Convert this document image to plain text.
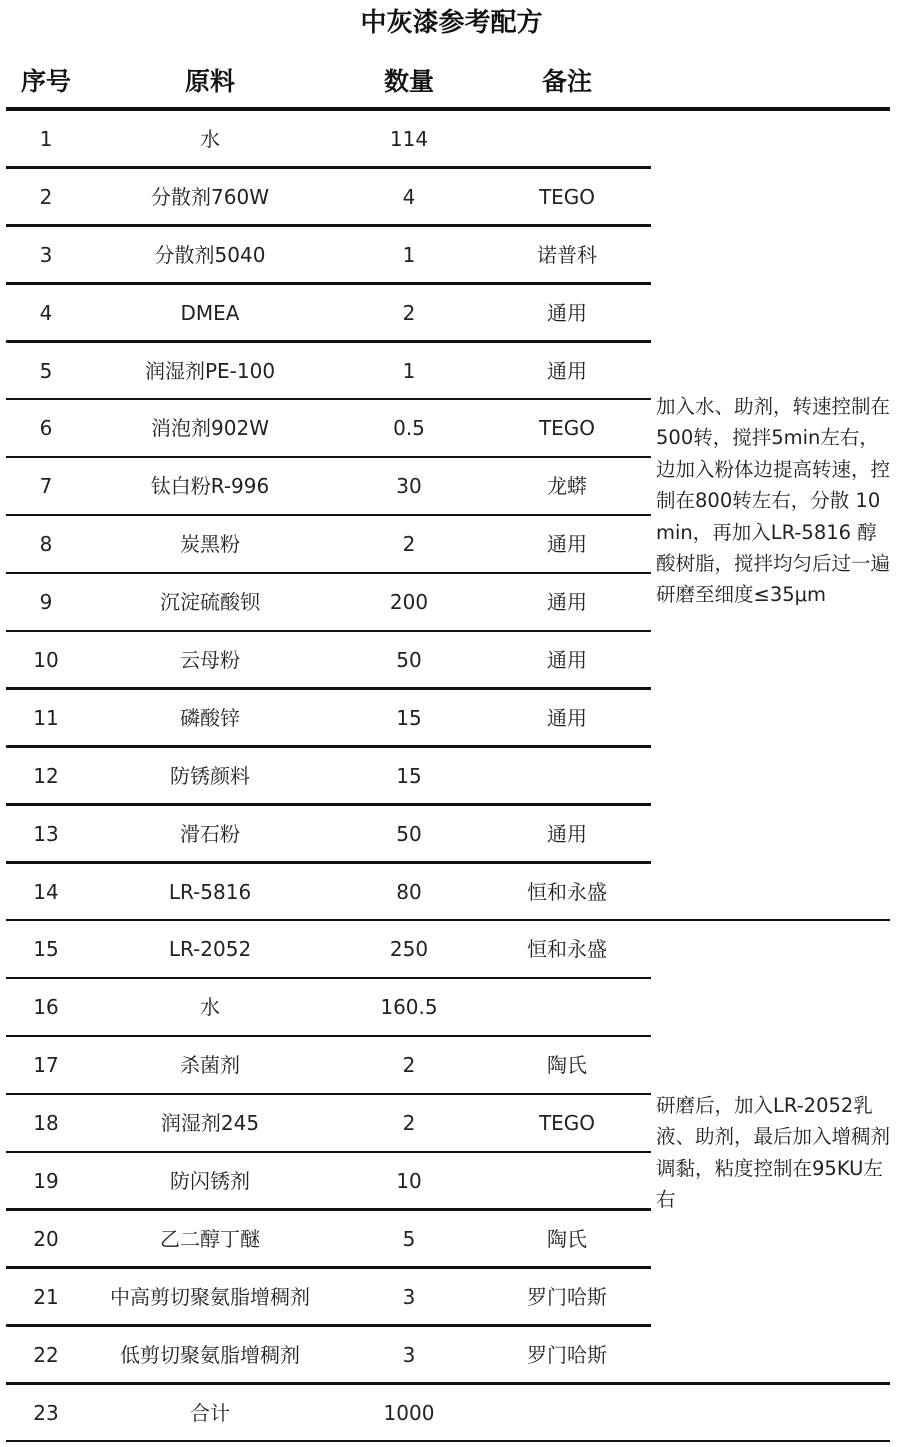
中灰漆参考配方
序号	原料	数量	备注
1	水	114
2	分散剂760W	4	TEGO
3	分散剂5040	1	诺普科
4	DMEA	2	通用
5	润湿剂PE-100	1	通用
6	消泡剂902W	0.5	TEGO
7	钛白粉R-996	30	龙蟒
8	炭黑粉	2	通用
9	沉淀硫酸钡	200	通用
10	云母粉	50	通用
11	磷酸锌	15	通用
12	防锈颜料	15
13	滑石粉	50	通用
14	LR-5816	80	恒和永盛
15	LR-2052	250	恒和永盛
16	水	160.5
17	杀菌剂	2	陶氏
18	润湿剂245	2	TEGO
19	防闪锈剂	10
20	乙二醇丁醚	5	陶氏
21	中高剪切聚氨脂增稠剂	3	罗门哈斯
22	低剪切聚氨脂增稠剂	3	罗门哈斯
23	合计	1000
加入水、助剂，转速控制在500转，搅拌5min左右，边加入粉体边提高转速，控制在800转左右，分散 10min，再加入LR-5816 醇酸树脂，搅拌均匀后过一遍研磨至细度≤35μm
研磨后，加入LR-2052乳液、助剂，最后加入增稠剂调黏，粘度控制在95KU左右
